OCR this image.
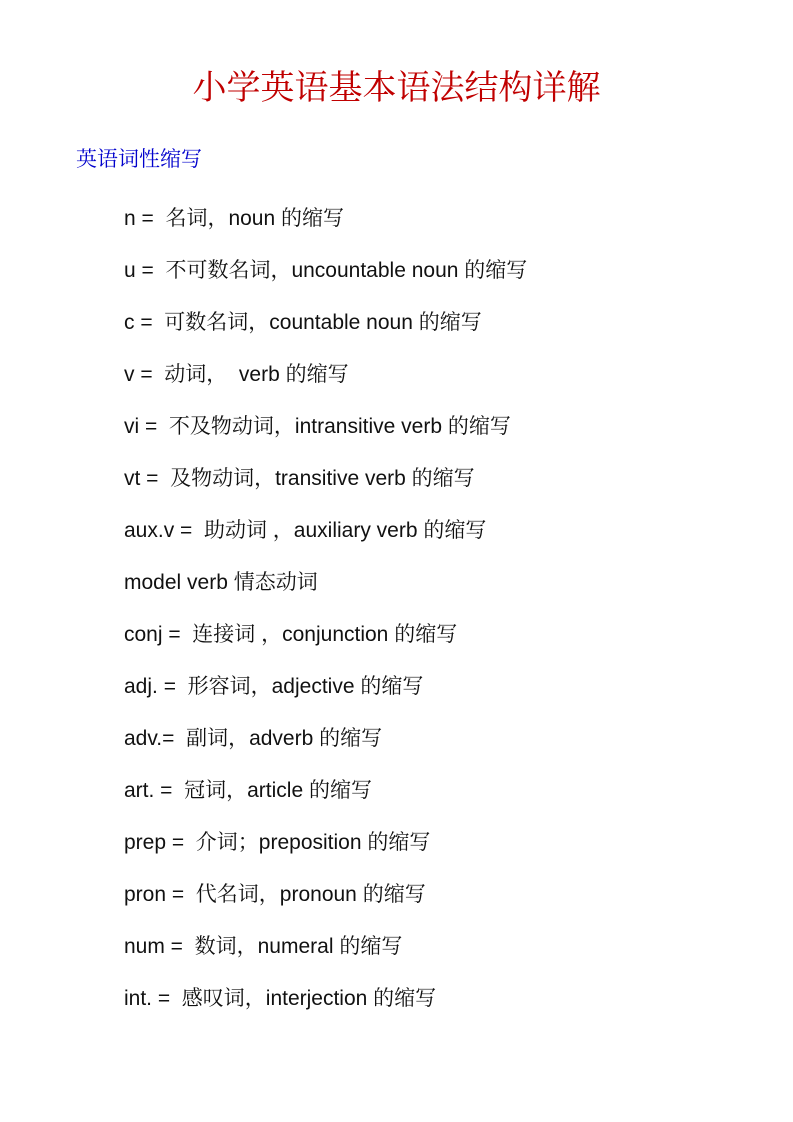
小学英语基本语法结构详解
英语词性缩写
n =  名词，noun 的缩写
u =  不可数名词，uncountable noun 的缩写
c =  可数名词，countable noun 的缩写
v =  动词，  verb 的缩写
vi =  不及物动词，intransitive verb 的缩写
vt =  及物动词，transitive verb 的缩写
aux.v =  助动词 ，auxiliary verb 的缩写
model verb 情态动词
conj =  连接词 ，conjunction 的缩写
adj. =  形容词，adjective 的缩写
adv.=  副词，adverb 的缩写
art. =  冠词，article 的缩写
prep =  介词；preposition 的缩写
pron =  代名词，pronoun 的缩写
num =  数词，numeral 的缩写
int. =  感叹词，interjection 的缩写
